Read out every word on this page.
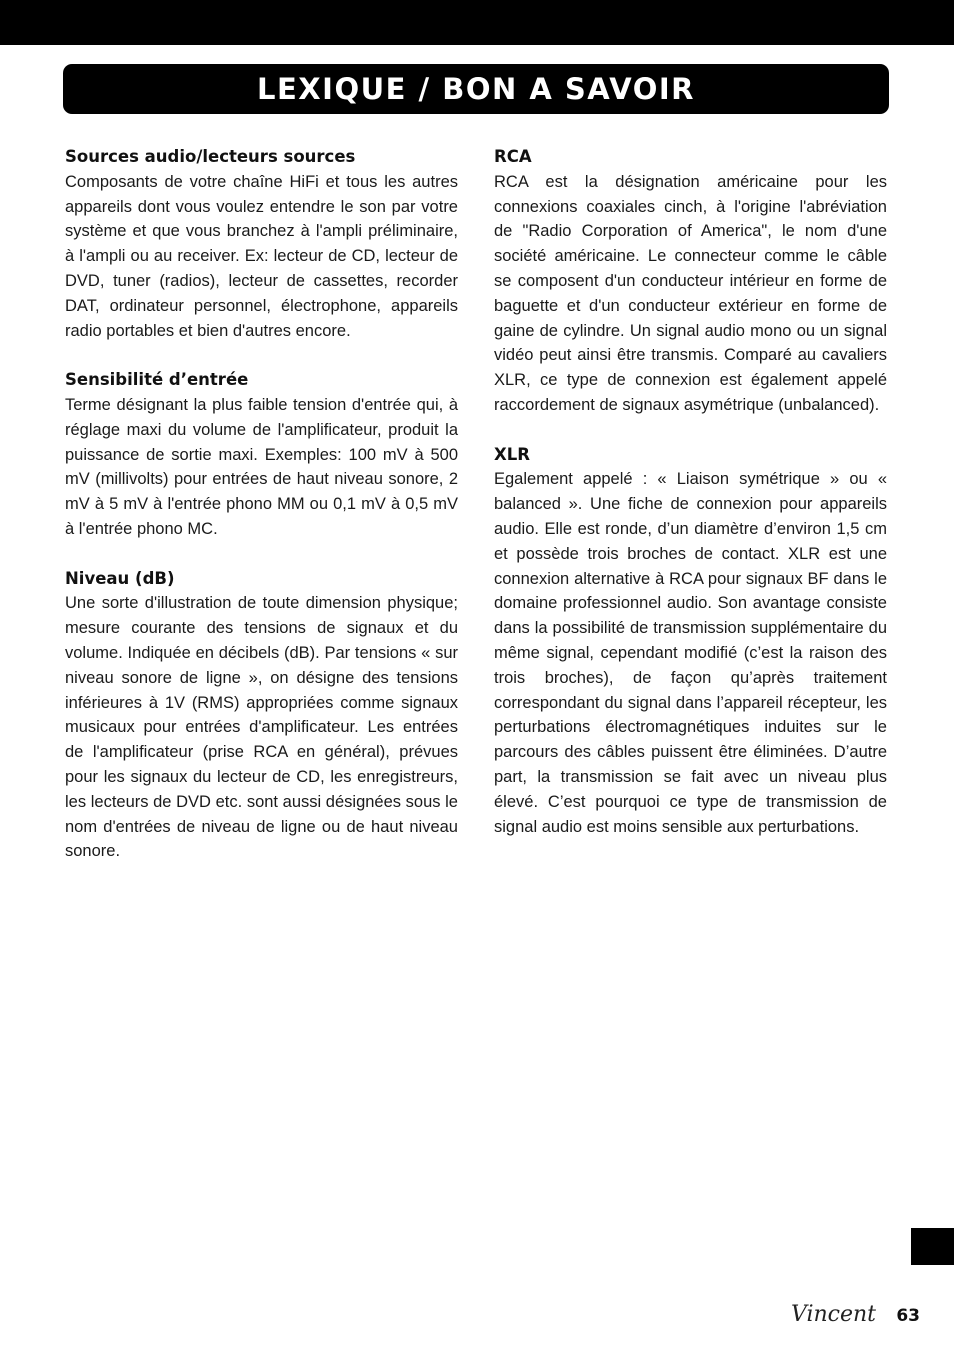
LEXIQUE / BON A SAVOIR
Sources audio/lecteurs sources

Composants de votre chaîne HiFi et tous les autres appareils dont vous voulez entendre le son par votre système et que vous branchez à l'ampli préliminaire, à l'ampli ou au receiver. Ex: lecteur de CD, lecteur de DVD, tuner (radios), lecteur de cassettes, recorder DAT, ordinateur personnel, électrophone, appareils radio portables et bien d'autres encore.

Sensibilité d’entrée

Terme désignant la plus faible tension d'entrée qui, à réglage maxi du volume de l'amplificateur, produit la puissance de sortie maxi. Exemples: 100 mV à 500 mV (millivolts) pour entrées de haut niveau sonore, 2 mV à 5 mV à l'entrée phono MM ou 0,1 mV à 0,5 mV à l'entrée phono MC.

Niveau (dB)

Une sorte d'illustration de toute dimension physique; mesure courante des tensions de signaux et du volume. Indiquée en décibels (dB). Par tensions « sur niveau sonore de ligne », on désigne des tensions inférieures à 1V (RMS) appropriées comme signaux musicaux pour entrées d'amplificateur. Les entrées de l'amplificateur (prise RCA en général), prévues pour les signaux du lecteur de CD, les enregistreurs, les lecteurs de DVD etc. sont aussi désignées sous le nom d'entrées de niveau de ligne ou de haut niveau sonore.

RCA

RCA est la désignation américaine pour les connexions coaxiales cinch, à l'origine l'abréviation de "Radio Corporation of America", le nom d'une société américaine. Le connecteur comme le câble se composent d'un conducteur intérieur en forme de baguette et d'un conducteur extérieur en forme de gaine de cylindre. Un signal audio mono ou un signal vidéo peut ainsi être transmis. Comparé au cavaliers XLR, ce type de connexion est également appelé raccordement de signaux asymétrique (unbalanced).

XLR

Egalement appelé : « Liaison symétrique » ou « balanced ». Une fiche de connexion pour appareils audio. Elle est ronde, d’un diamètre d’environ 1,5 cm et possède trois broches de contact. XLR est une connexion alternative à RCA pour signaux BF dans le domaine professionnel audio. Son avantage consiste dans la possibilité de transmission supplémentaire du même signal, cependant modifié (c’est la raison des trois broches), de façon qu’après traitement correspondant du signal dans l’appareil récepteur, les perturbations électromagnétiques induites sur le parcours des câbles puissent être éliminées. D’autre part, la transmission se fait avec un niveau plus élevé. C’est pourquoi ce type de transmission de signal audio est moins sensible aux perturbations.

Vincent 63
